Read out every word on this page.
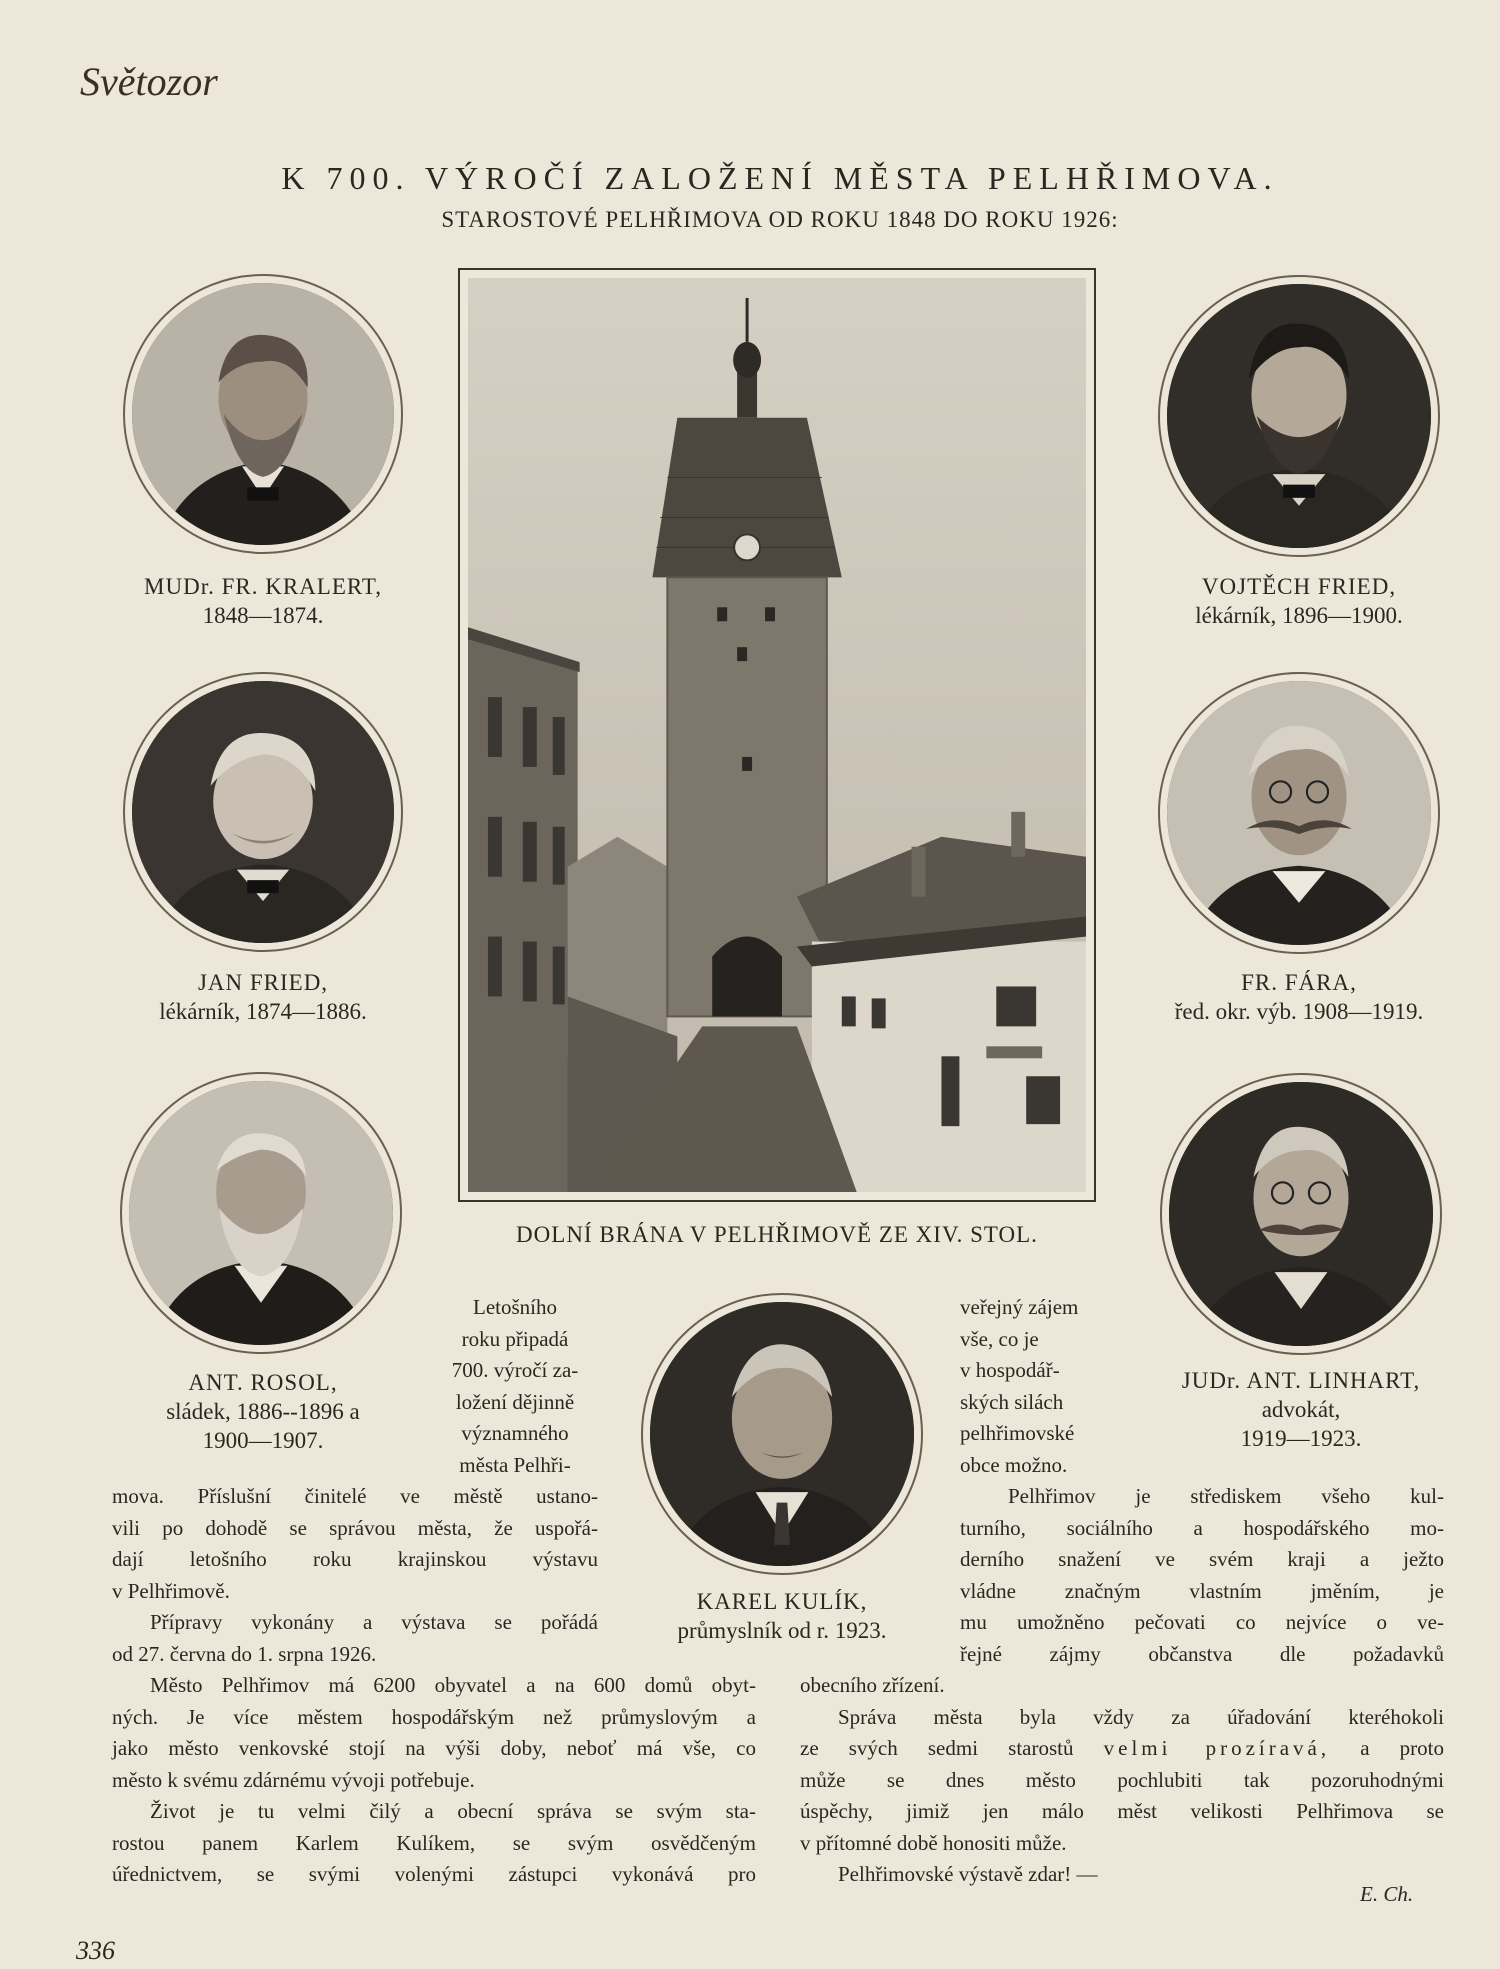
Světozor
K 700. VÝROČÍ ZALOŽENÍ MĚSTA PELHŘIMOVA.
STAROSTOVÉ PELHŘIMOVA OD ROKU 1848 DO ROKU 1926:
MUDr. FR. KRALERT,
1848—1874.
JAN FRIED,
lékárník, 1874—1886.
ANT. ROSOL,
sládek, 1886--1896 a
1900—1907.
VOJTĚCH FRIED,
lékárník, 1896—1900.
FR. FÁRA,
řed. okr. výb. 1908—1919.
JUDr. ANT. LINHART,
advokát,
1919—1923.
KAREL KULÍK,
průmyslník od r. 1923.
DOLNÍ BRÁNA V PELHŘIMOVĚ ZE XIV. STOL.
Letošního
roku připadá
700. výročí za-
ložení dějinně
významného
města Pelhři-
mova. Příslušní činitelé ve městě ustano-
vili po dohodě se správou města, že uspořá-
dají letošního roku krajinskou výstavu
v Pelhřimově.
Přípravy vykonány a výstava se pořádá
od 27. června do 1. srpna 1926.
Město Pelhřimov má 6200 obyvatel a na 600 domů obyt-
ných. Je více městem hospodářským než průmyslovým a
jako město venkovské stojí na výši doby, neboť má vše, co
město k svému zdárnému vývoji potřebuje.
Život je tu velmi čilý a obecní správa se svým sta-
rostou panem Karlem Kulíkem, se svým osvědčeným
úřednictvem, se svými volenými zástupci vykonává pro
veřejný zájem
vše, co je
v hospodář-
ských silách
pelhřimovské
obce možno.
Pelhřimov je střediskem všeho kul-
turního, sociálního a hospodářského mo-
derního snažení ve svém kraji a ježto
vládne značným vlastním jměním, je
mu umožněno pečovati co nejvíce o ve-
řejné zájmy občanstva dle požadavků
obecního zřízení.
Správa města byla vždy za úřadování kteréhokoli
ze svých sedmi starostů velmi prozíravá, a proto
může se dnes město pochlubiti tak pozoruhodnými
úspěchy, jimiž jen málo měst velikosti Pelhřimova se
v přítomné době honositi může.
Pelhřimovské výstavě zdar! —
E. Ch.
336
